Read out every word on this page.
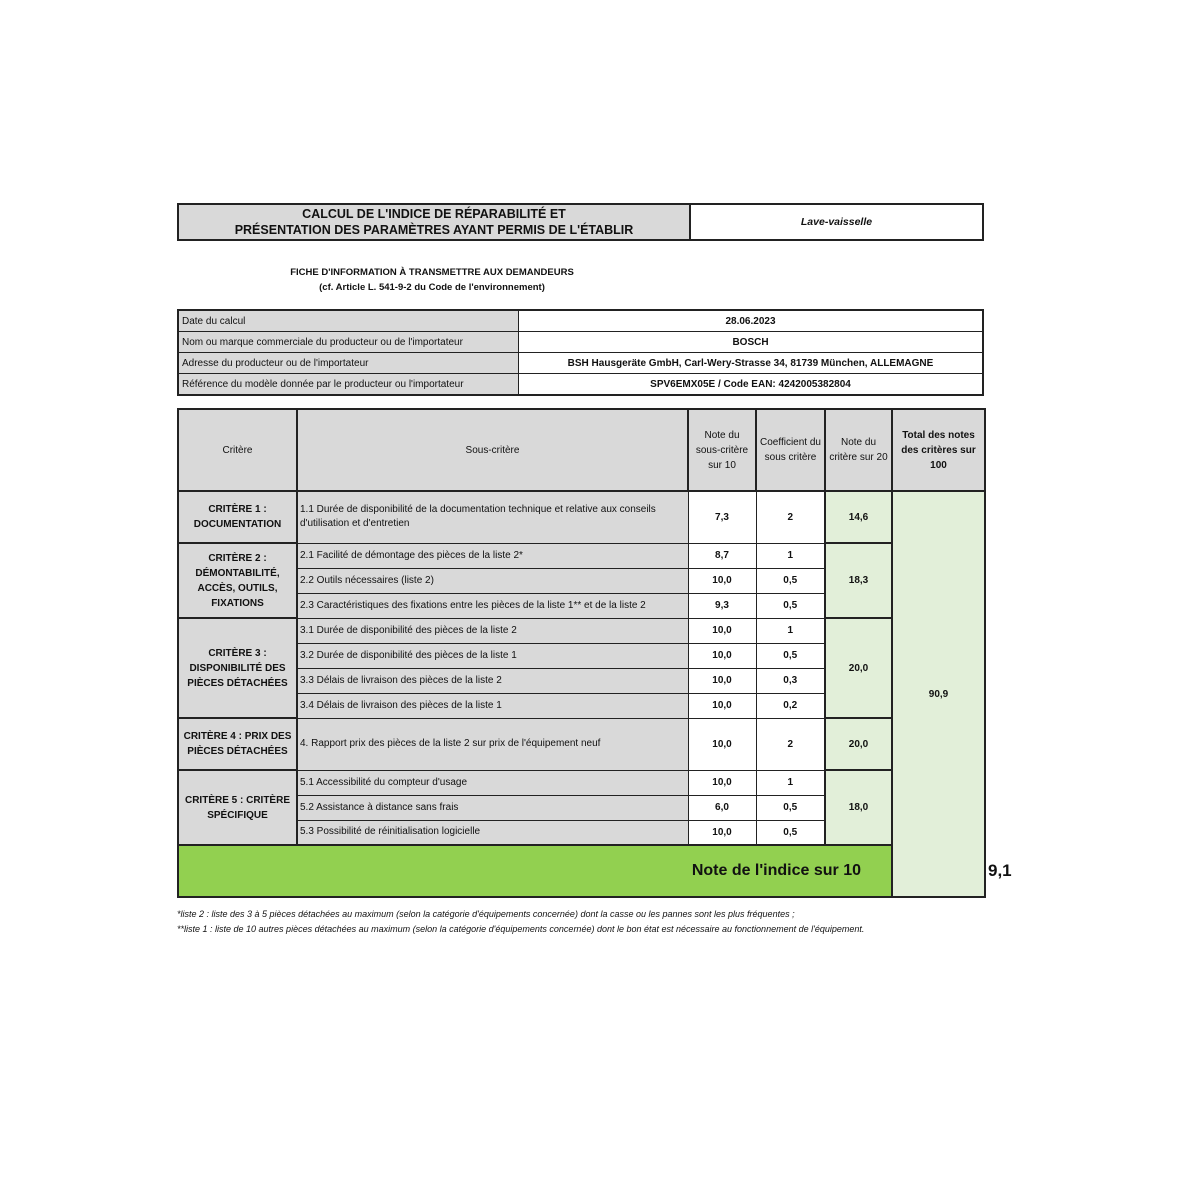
CALCUL DE L'INDICE DE RÉPARABILITÉ ET
PRÉSENTATION DES PARAMÈTRES AYANT PERMIS DE L'ÉTABLIR
Lave-vaisselle
FICHE D'INFORMATION À TRANSMETTRE AUX DEMANDEURS
(cf. Article L. 541-9-2 du Code de l'environnement)
Date du calcul	28.06.2023
Nom ou marque commerciale du producteur ou de l'importateur	BOSCH
Adresse du producteur ou de l'importateur	BSH Hausgeräte GmbH, Carl-Wery-Strasse 34, 81739 München, ALLEMAGNE
Référence du modèle donnée par le producteur ou l'importateur	SPV6EMX05E / Code EAN: 4242005382804
Critère	Sous-critère	Note du sous-critère sur 10	Coefficient du sous critère	Note du critère sur 20	Total des notes des critères sur 100	
CRITÈRE 1 : DOCUMENTATION	1.1 Durée de disponibilité de la documentation technique et relative aux conseils d'utilisation et d'entretien	7,3	2	14,6	90,9	
CRITÈRE 2 : DÉMONTABILITÉ, ACCÈS, OUTILS, FIXATIONS	2.1 Facilité de démontage des pièces de la liste 2*	8,7	1	18,3		
	2.2 Outils nécessaires (liste 2)	10,0	0,5			
	2.3 Caractéristiques des fixations entre les pièces de la liste 1** et de la liste 2	9,3	0,5			
CRITÈRE 3 : DISPONIBILITÉ DES PIÈCES DÉTACHÉES	3.1 Durée de disponibilité des pièces de la liste 2	10,0	1	20,0		
	3.2 Durée de disponibilité des pièces de la liste 1	10,0	0,5			
	3.3 Délais de livraison des pièces de la liste 2	10,0	0,3			
	3.4 Délais de livraison des pièces de la liste 1	10,0	0,2			
CRITÈRE 4 : PRIX DES PIÈCES DÉTACHÉES	4. Rapport prix des pièces de la liste 2 sur prix de l'équipement neuf	10,0	2	20,0		
CRITÈRE 5 : CRITÈRE SPÉCIFIQUE	5.1 Accessibilité du compteur d'usage	10,0	1	18,0		
	5.2 Assistance à distance sans frais	6,0	0,5			
	5.3 Possibilité de réinitialisation logicielle	10,0	0,5			
Note de l'indice sur 10						9,1
*liste 2 : liste des 3 à 5 pièces détachées au maximum (selon la catégorie d'équipements concernée) dont la casse ou les pannes sont les plus fréquentes ;
**liste 1 : liste de 10 autres pièces détachées au maximum (selon la catégorie d'équipements concernée) dont le bon état est nécessaire au fonctionnement de l'équipement.
